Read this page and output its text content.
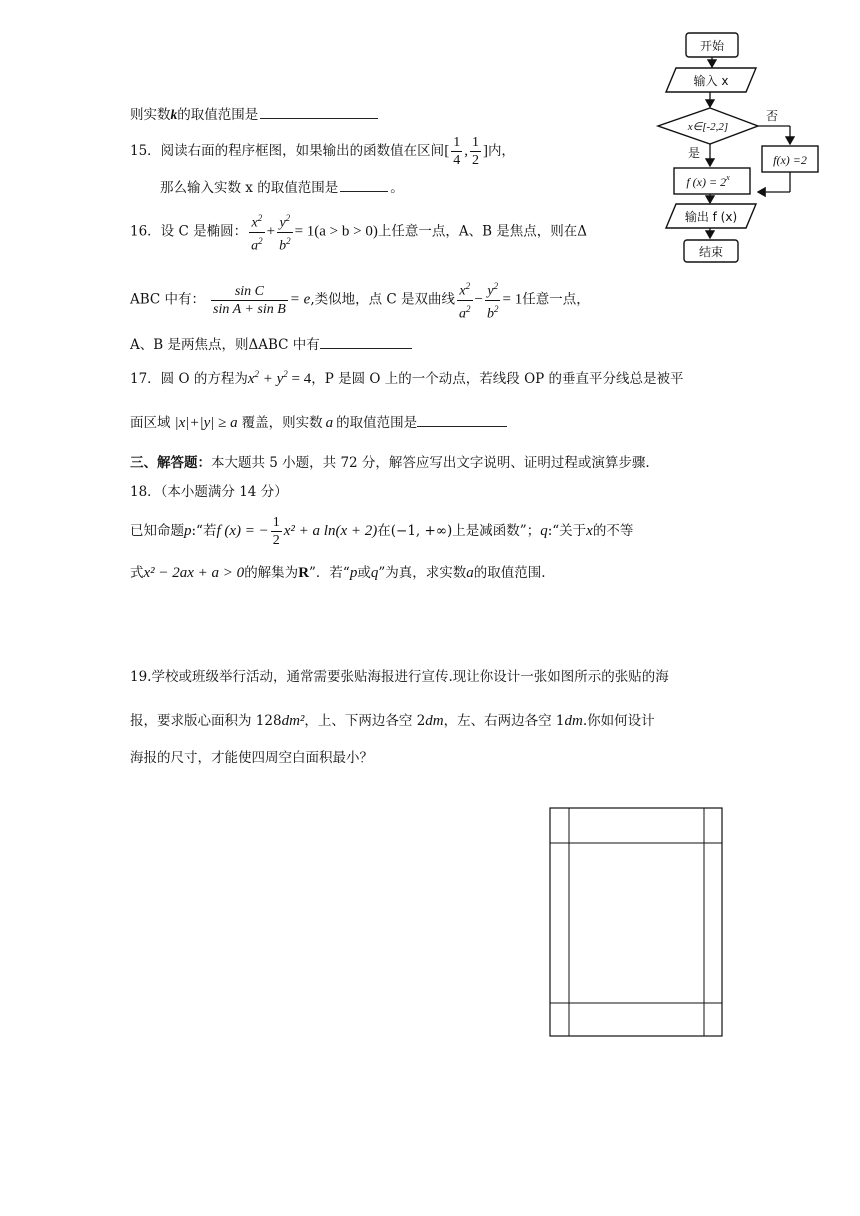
则实数k的取值范围是
15．阅读右面的程序框图，如果输出的函数值在区间[ $\frac{1}{4}$ , $\frac{1}{2}$ ]内，
那么输入实数 x 的取值范围是	。
开始
输入 x
x∈[-2,2]
否
f(x) =2
是
f $(x) = 2^x$
输出 f (x)
结束
16．设 C 是椭圆： $\frac{x^2}{a^2} + \frac{y^2}{b^2} = 1(a > b > 0)$上任意一点，A、B 是焦点，则在Δ
ABC 中有： $\frac{\text{sin C}}{\text{sin A + sin B}} = e$,类似地，点 C 是双曲线 $\frac{x^2}{a^2} - \frac{y^2}{b^2} = 1$任意一点，
A、B 是两焦点，则ΔABC 中有
17．圆 O 的方程为$x^2 + y^2 = 4$，P 是圆 O 上的一个动点，若线段 OP 的垂直平分线总是被平
面区域 |x|+|y| ≥ a 覆盖，则实数 a 的取值范围是
三、解答题：本大题共 5 小题，共 72 分，解答应写出文字说明、证明过程或演算步骤.
18．（本小题满分 14 分）
已知命题p:“若f (x) = − $\frac{1}{2} x^2 + a$ ln(x + 2)在(−1, +∞)上是减函数”；q:“关于x的不等
式x² − 2ax + a > 0的解集为R”．若“p或q”为真，求实数a的取值范围.
19.学校或班级举行活动，通常需要张贴海报进行宣传.现让你设计一张如图所示的张贴的海
报，要求版心面积为 128dm²，上、下两边各空 2dm，左、右两边各空 1dm.你如何设计
海报的尺寸，才能使四周空白面积最小？
